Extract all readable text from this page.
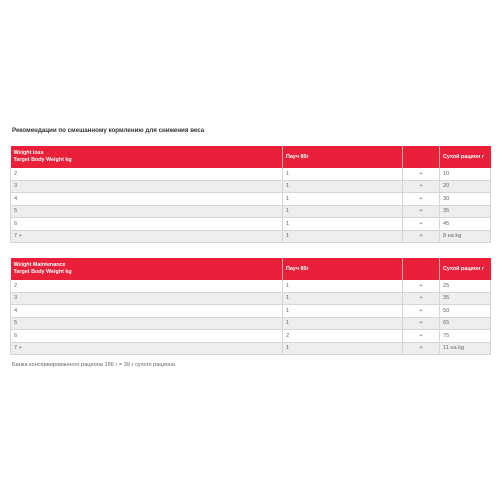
Рекомендации по смешанному кормлению для снижения веса
Weight loss
Target Body Weight kg	Пауч 85г		Сухой рацион г
2	1	+	10
3	1	+	20
4	1	+	30
5	1	+	35
6	1	+	45
7 +	1	+	8 на kg
Weight Maintenance
Target Body Weight kg	Пауч 85г		Сухой рацион г
2	1	+	25
3	1	+	35
4	1	+	50
5	1	+	65
6	2	+	75
7 +	1	+	11 на kg
Банка консервированного рациона 156 г = 39 г сухого рациона.
